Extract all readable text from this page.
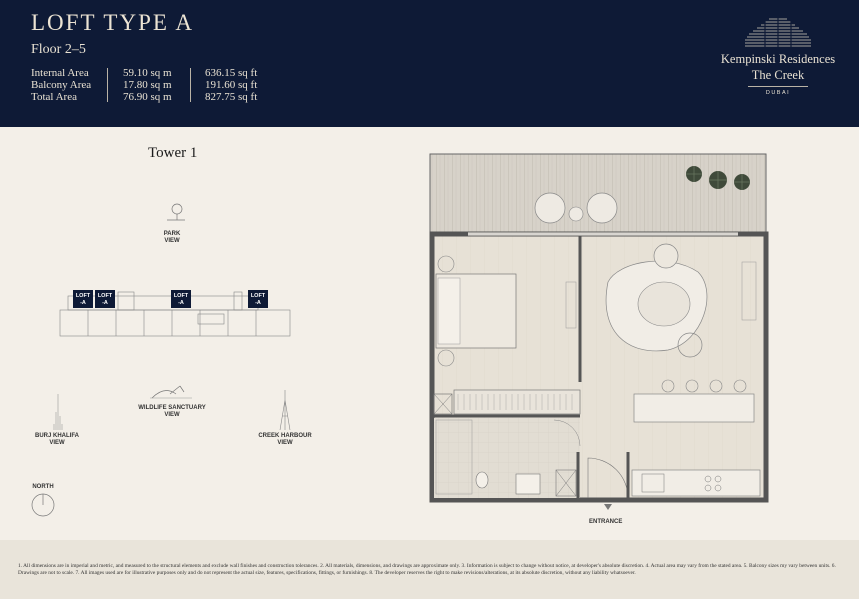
LOFT TYPE A
Floor 2–5
Internal Area
Balcony Area
Total Area
59.10 sq m
17.80 sq m
76.90 sq m
636.15 sq ft
191.60 sq ft
827.75 sq ft
Kempinski Residences
The Creek
DUBAI
Tower 1
PARK
VIEW
WILDLIFE SANCTUARY
VIEW
BURJ KHALIFA
VIEW
CREEK HARBOUR
VIEW
NORTH
LOFT
-A
LOFT
-A
LOFT
-A
LOFT
-A
ENTRANCE
1. All dimensions are in imperial and metric, and measured to the structural elements and exclude wall finishes and construction tolerances. 2. All materials, dimensions, and drawings are approximate only. 3. Information is subject to change without notice, at developer's absolute discretion. 4. Actual area may vary from the stated area. 5. Balcony sizes my vary between units. 6. Drawings are not to scale. 7. All images used are for illustrative purposes only and do not represent the actual size, features, specifications, fittings, or furnishings. 8. The developer reserves the right to make revisions/alterations, at its absolute discretion, without any liability whatsoever.
